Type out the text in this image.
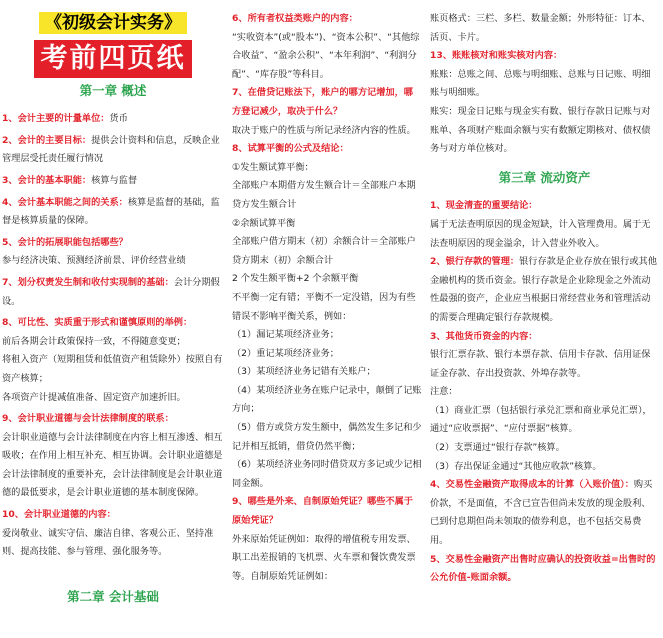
《初级会计实务》
考前四页纸
第一章 概述

1、会计主要的计量单位：货币

2、会计的主要目标：提供会计资料和信息，反映企业管理层受托责任履行情况

3、会计的基本职能：核算与监督

4、会计基本职能之间的关系：核算是监督的基础，监督是核算质量的保障。

5、会计的拓展职能包括哪些？

参与经济决策、预测经济前景、评价经营业绩

7、划分权责发生制和收付实现制的基础：会计分期假设。

8、可比性、实质重于形式和谨慎原则的举例：

前后各期会计政策保持一致，不得随意变更；

将租入资产（短期租赁和低值资产租赁除外）按照自有资产核算；

各项资产计提减值准备、固定资产加速折旧。

9、会计职业道德与会计法律制度的联系：

会计职业道德与会计法律制度在内容上相互渗透、相互吸收；在作用上相互补充、相互协调。会计职业道德是会计法律制度的重要补充，会计法律制度是会计职业道德的最低要求，是会计职业道德的基本制度保障。

10、会计职业道德的内容：

爱岗敬业、诚实守信、廉洁自律、客观公正、坚持准则、提高技能、参与管理、强化服务等。

第二章 会计基础

6、所有者权益类账户的内容：

“实收资本”(或“股本”)、“资本公积”、“其他综合收益”、“盈余公积”、“本年利润”、“利润分配”、“库存股”等科目。

7、在借贷记账法下，账户的哪方记增加，哪方登记减少，取决于什么？

取决于账户的性质与所记录经济内容的性质。

8、试算平衡的公式及结论：

①发生额试算平衡：

全部账户本期借方发生额合计＝全部账户本期贷方发生额合计

②余额试算平衡

全部账户借方期末（初）余额合计＝全部账户贷方期末（初）余额合计

2 个发生额平衡+2 个余额平衡

不平衡一定有错；平衡不一定没错，因为有些错误不影响平衡关系，例如：

（1）漏记某项经济业务；

（2）重记某项经济业务；

（3）某项经济业务记错有关账户；

（4）某项经济业务在账户记录中，颠倒了记账方向；

（5）借方或贷方发生额中，偶然发生多记和少记并相互抵销，借贷仍然平衡；

（6）某项经济业务同时借贷双方多记或少记相同金额。

9、哪些是外来、自制原始凭证？哪些不属于原始凭证？

外来原始凭证例如：取得的增值税专用发票、职工出差报销的飞机票、火车票和餐饮费发票等。自制原始凭证例如：

账页格式：三栏、多栏、数量金额；外形特征：订本、活页、卡片。

13、账账核对和账实核对内容：

账账：总账之间、总账与明细账、总账与日记账、明细账与明细账。

账实：现金日记账与现金实有数、银行存款日记账与对账单、各项财产账面余额与实有数额定期核对、债权债务与对方单位核对。

第三章 流动资产

1、现金清查的重要结论：

属于无法查明原因的现金短缺，计入管理费用。属于无法查明原因的现金溢余，计入营业外收入。

2、银行存款的管理：银行存款是企业存放在银行或其他金融机构的货币资金。银行存款是企业除现金之外流动性最强的资产，企业应当根据日常经营业务和管理活动的需要合理确定银行存款规模。

3、其他货币资金的内容：

银行汇票存款、银行本票存款、信用卡存款、信用证保证金存款、存出投资款、外埠存款等。

注意：

（1）商业汇票（包括银行承兑汇票和商业承兑汇票），通过“应收票据”、“应付票据”核算。

（2）支票通过“银行存款”核算。

（3）存出保证金通过“其他应收款”核算。

4、交易性金融资产取得成本的计算（入账价值）：购买价款，不是面值，不含已宣告但尚未发放的现金股利、已到付息期但尚未领取的债券利息，也不包括交易费用。

5、交易性金融资产出售时应确认的投资收益=出售时的公允价值-账面余额。
